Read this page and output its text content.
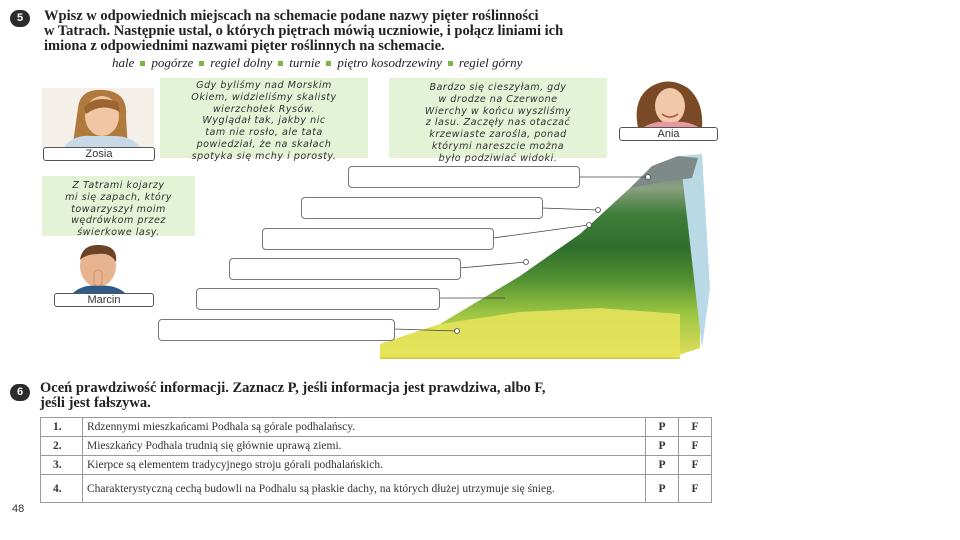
5	Wpisz w odpowiednich miejscach na schemacie podane nazwy pięter roślinności
w Tatrach. Następnie ustal, o których piętrach mówią uczniowie, i połącz liniami ich
imiona z odpowiednimi nazwami pięter roślinnych na schemacie.
hale pogórze regiel dolny turnie piętro kosodrzewiny regiel górny
Zosia
Gdy byliśmy nad Morskim
Okiem, widzieliśmy skalisty
wierzchołek Rysów.
Wyglądał tak, jakby nic
tam nie rosło, ale tata
powiedział, że na skałach
spotyka się mchy i porosty.
Bardzo się cieszyłam, gdy
w drodze na Czerwone
Wierchy w końcu wyszliśmy
z lasu. Zaczęły nas otaczać
krzewiaste zarośla, ponad
którymi nareszcie można
było podziwiać widoki.
Ania
Z Tatrami kojarzy
mi się zapach, który
towarzyszył moim
wędrówkom przez
świerkowe lasy.
Marcin
6	Oceń prawdziwość informacji. Zaznacz P, jeśli informacja jest prawdziwa, albo F,
jeśli jest fałszywa.
1.	Rdzennymi mieszkańcami Podhala są górale podhalańscy.	P	F
2.	Mieszkańcy Podhala trudnią się głównie uprawą ziemi.	P	F
3.	Kierpce są elementem tradycyjnego stroju górali podhalańskich.	P	F
4.	Charakterystyczną cechą budowli na Podhalu są płaskie dachy, na których dłużej utrzymuje się śnieg.	P	F
48
